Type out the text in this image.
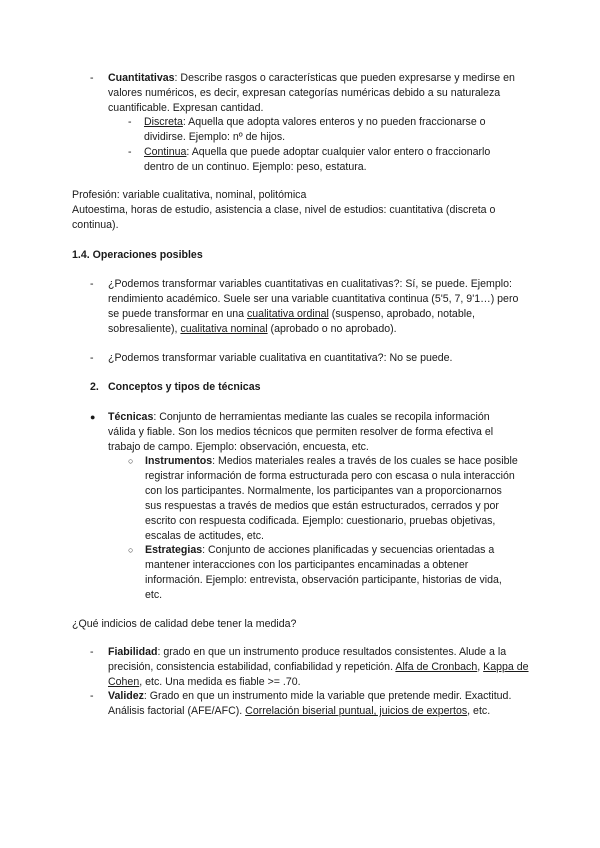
-	Cuantitativas: Describe rasgos o características que pueden expresarse y medirse en valores numéricos, es decir, expresan categorías numéricas debido a su naturaleza cuantificable. Expresan cantidad.
-	Discreta: Aquella que adopta valores enteros y no pueden fraccionarse o dividirse. Ejemplo: nº de hijos.
-	Continua: Aquella que puede adoptar cualquier valor entero o fraccionarlo dentro de un continuo. Ejemplo: peso, estatura.
Profesión: variable cualitativa, nominal, politómica
Autoestima, horas de estudio, asistencia a clase, nivel de estudios: cuantitativa (discreta o continua).
1.4. Operaciones posibles
-	¿Podemos transformar variables cuantitativas en cualitativas?: Sí, se puede. Ejemplo: rendimiento académico. Suele ser una variable cuantitativa continua (5'5, 7, 9'1…) pero se puede transformar en una cualitativa ordinal (suspenso, aprobado, notable, sobresaliente), cualitativa nominal (aprobado o no aprobado).
-	¿Podemos transformar variable cualitativa en cuantitativa?: No se puede.
2. Conceptos y tipos de técnicas
●	Técnicas: Conjunto de herramientas mediante las cuales se recopila información válida y fiable. Son los medios técnicos que permiten resolver de forma efectiva el trabajo de campo. Ejemplo: observación, encuesta, etc.
○	Instrumentos: Medios materiales reales a través de los cuales se hace posible registrar información de forma estructurada pero con escasa o nula interacción con los participantes. Normalmente, los participantes van a proporcionarnos sus respuestas a través de medios que están estructurados, cerrados y por escrito con respuesta codificada. Ejemplo: cuestionario, pruebas objetivas, escalas de actitudes, etc.
○	Estrategias: Conjunto de acciones planificadas y secuencias orientadas a mantener interacciones con los participantes encaminadas a obtener información. Ejemplo: entrevista, observación participante, historias de vida, etc.
¿Qué indicios de calidad debe tener la medida?
-	Fiabilidad: grado en que un instrumento produce resultados consistentes. Alude a la precisión, consistencia estabilidad, confiabilidad y repetición. Alfa de Cronbach, Kappa de Cohen, etc. Una medida es fiable >= .70.
-	Validez: Grado en que un instrumento mide la variable que pretende medir. Exactitud. Análisis factorial (AFE/AFC). Correlación biserial puntual, juicios de expertos, etc.
